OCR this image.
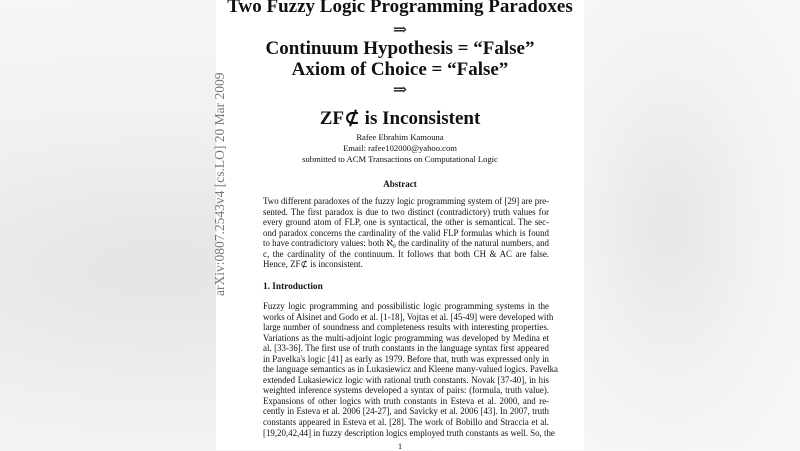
Two Fuzzy Logic Programming Paradoxes
⇒
Continuum Hypothesis = “False”
Axiom of Choice = “False”
⇒
ZF⊄ is Inconsistent
Rafee Ebrahim Kamouna
Email: rafee102000@yahoo.com
submitted to ACM Transactions on Computational Logic
Abstract
Two different paradoxes of the fuzzy logic programming system of [29] are pre-
sented. The first paradox is due to two distinct (contradictory) truth values for
every ground atom of FLP, one is syntactical, the other is semantical. The sec-
ond paradox concerns the cardinality of the valid FLP formulas which is found
to have contradictory values: both ℵ₀ the cardinality of the natural numbers, and
c, the cardinality of the continuum. It follows that both CH & AC are false.
Hence, ZF⊄ is inconsistent.
1. Introduction
Fuzzy logic programming and possibilistic logic programming systems in the
works of Alsinet and Godo et al. [1-18], Vojtas et al. [45-49] were developed with
large number of soundness and completeness results with interesting properties.
Variations as the multi-adjoint logic programming was developed by Medina et
al. [33-36]. The first use of truth constants in the language syntax first appeared
in Pavelka's logic [41] as early as 1979. Before that, truth was expressed only in
the language semantics as in Lukasiewicz and Kleene many-valued logics. Pavelka
extended Lukasiewicz logic with rational truth constants. Novak [37-40], in his
weighted inference systems developed a syntax of pairs: (formula, truth value).
Expansions of other logics with truth constants in Esteva et al. 2000, and re-
cently in Esteva et al. 2006 [24-27], and Savicky et al. 2006 [43]. In 2007, truth
constants appeared in Esteva et al. [28]. The work of Bobillo and Straccia et al.
[19,20,42,44] in fuzzy description logics employed truth constants as well. So, the
1
arXiv:0807.2543v4 [cs.LO] 20 Mar 2009
